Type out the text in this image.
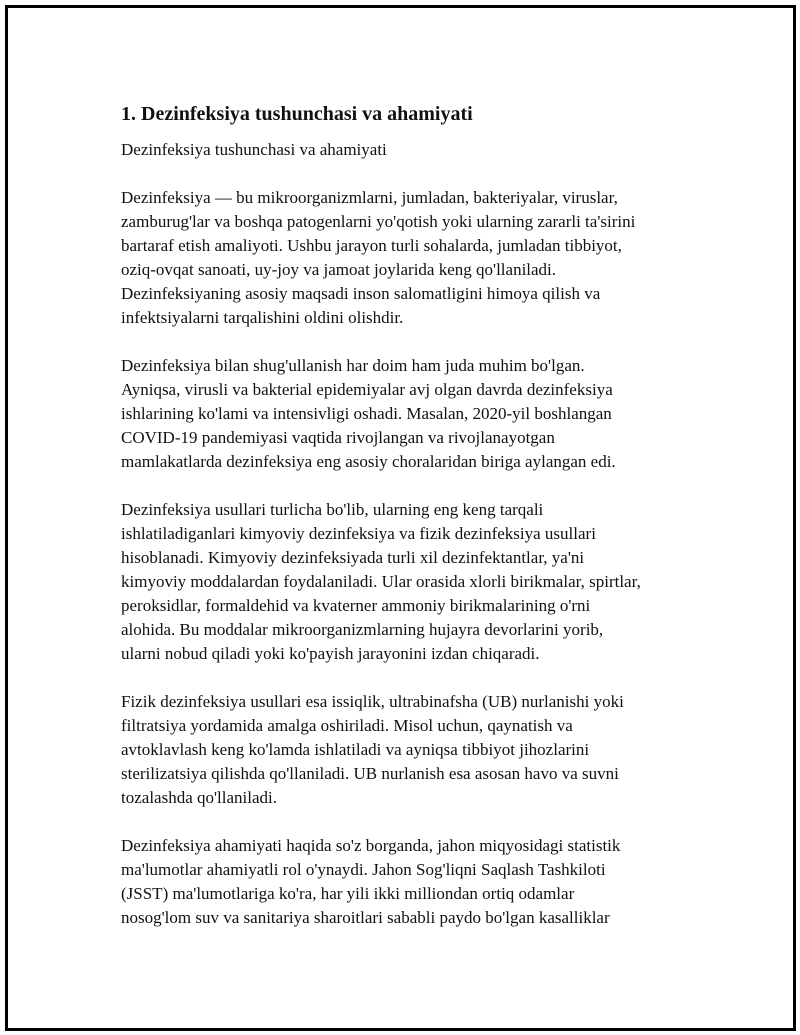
1. Dezinfeksiya tushunchasi va ahamiyati

Dezinfeksiya tushunchasi va ahamiyati

Dezinfeksiya — bu mikroorganizmlarni, jumladan, bakteriyalar, viruslar,
zamburug'lar va boshqa patogenlarni yo'qotish yoki ularning zararli ta'sirini
bartaraf etish amaliyoti. Ushbu jarayon turli sohalarda, jumladan tibbiyot,
oziq-ovqat sanoati, uy-joy va jamoat joylarida keng qo'llaniladi.
Dezinfeksiyaning asosiy maqsadi inson salomatligini himoya qilish va
infektsiyalarni tarqalishini oldini olishdir.

Dezinfeksiya bilan shug'ullanish har doim ham juda muhim bo'lgan.
Ayniqsa, virusli va bakterial epidemiyalar avj olgan davrda dezinfeksiya
ishlarining ko'lami va intensivligi oshadi. Masalan, 2020-yil boshlangan
COVID-19 pandemiyasi vaqtida rivojlangan va rivojlanayotgan
mamlakatlarda dezinfeksiya eng asosiy choralaridan biriga aylangan edi.

Dezinfeksiya usullari turlicha bo'lib, ularning eng keng tarqali
ishlatiladiganlari kimyoviy dezinfeksiya va fizik dezinfeksiya usullari
hisoblanadi. Kimyoviy dezinfeksiyada turli xil dezinfektantlar, ya'ni
kimyoviy moddalardan foydalaniladi. Ular orasida xlorli birikmalar, spirtlar,
peroksidlar, formaldehid va kvaterner ammoniy birikmalarining o'rni
alohida. Bu moddalar mikroorganizmlarning hujayra devorlarini yorib,
ularni nobud qiladi yoki ko'payish jarayonini izdan chiqaradi.

Fizik dezinfeksiya usullari esa issiqlik, ultrabinafsha (UB) nurlanishi yoki
filtratsiya yordamida amalga oshiriladi. Misol uchun, qaynatish va
avtoklavlash keng ko'lamda ishlatiladi va ayniqsa tibbiyot jihozlarini
sterilizatsiya qilishda qo'llaniladi. UB nurlanish esa asosan havo va suvni
tozalashda qo'llaniladi.

Dezinfeksiya ahamiyati haqida so'z borganda, jahon miqyosidagi statistik
ma'lumotlar ahamiyatli rol o'ynaydi. Jahon Sog'liqni Saqlash Tashkiloti
(JSST) ma'lumotlariga ko'ra, har yili ikki milliondan ortiq odamlar
nosog'lom suv va sanitariya sharoitlari sababli paydo bo'lgan kasalliklar
